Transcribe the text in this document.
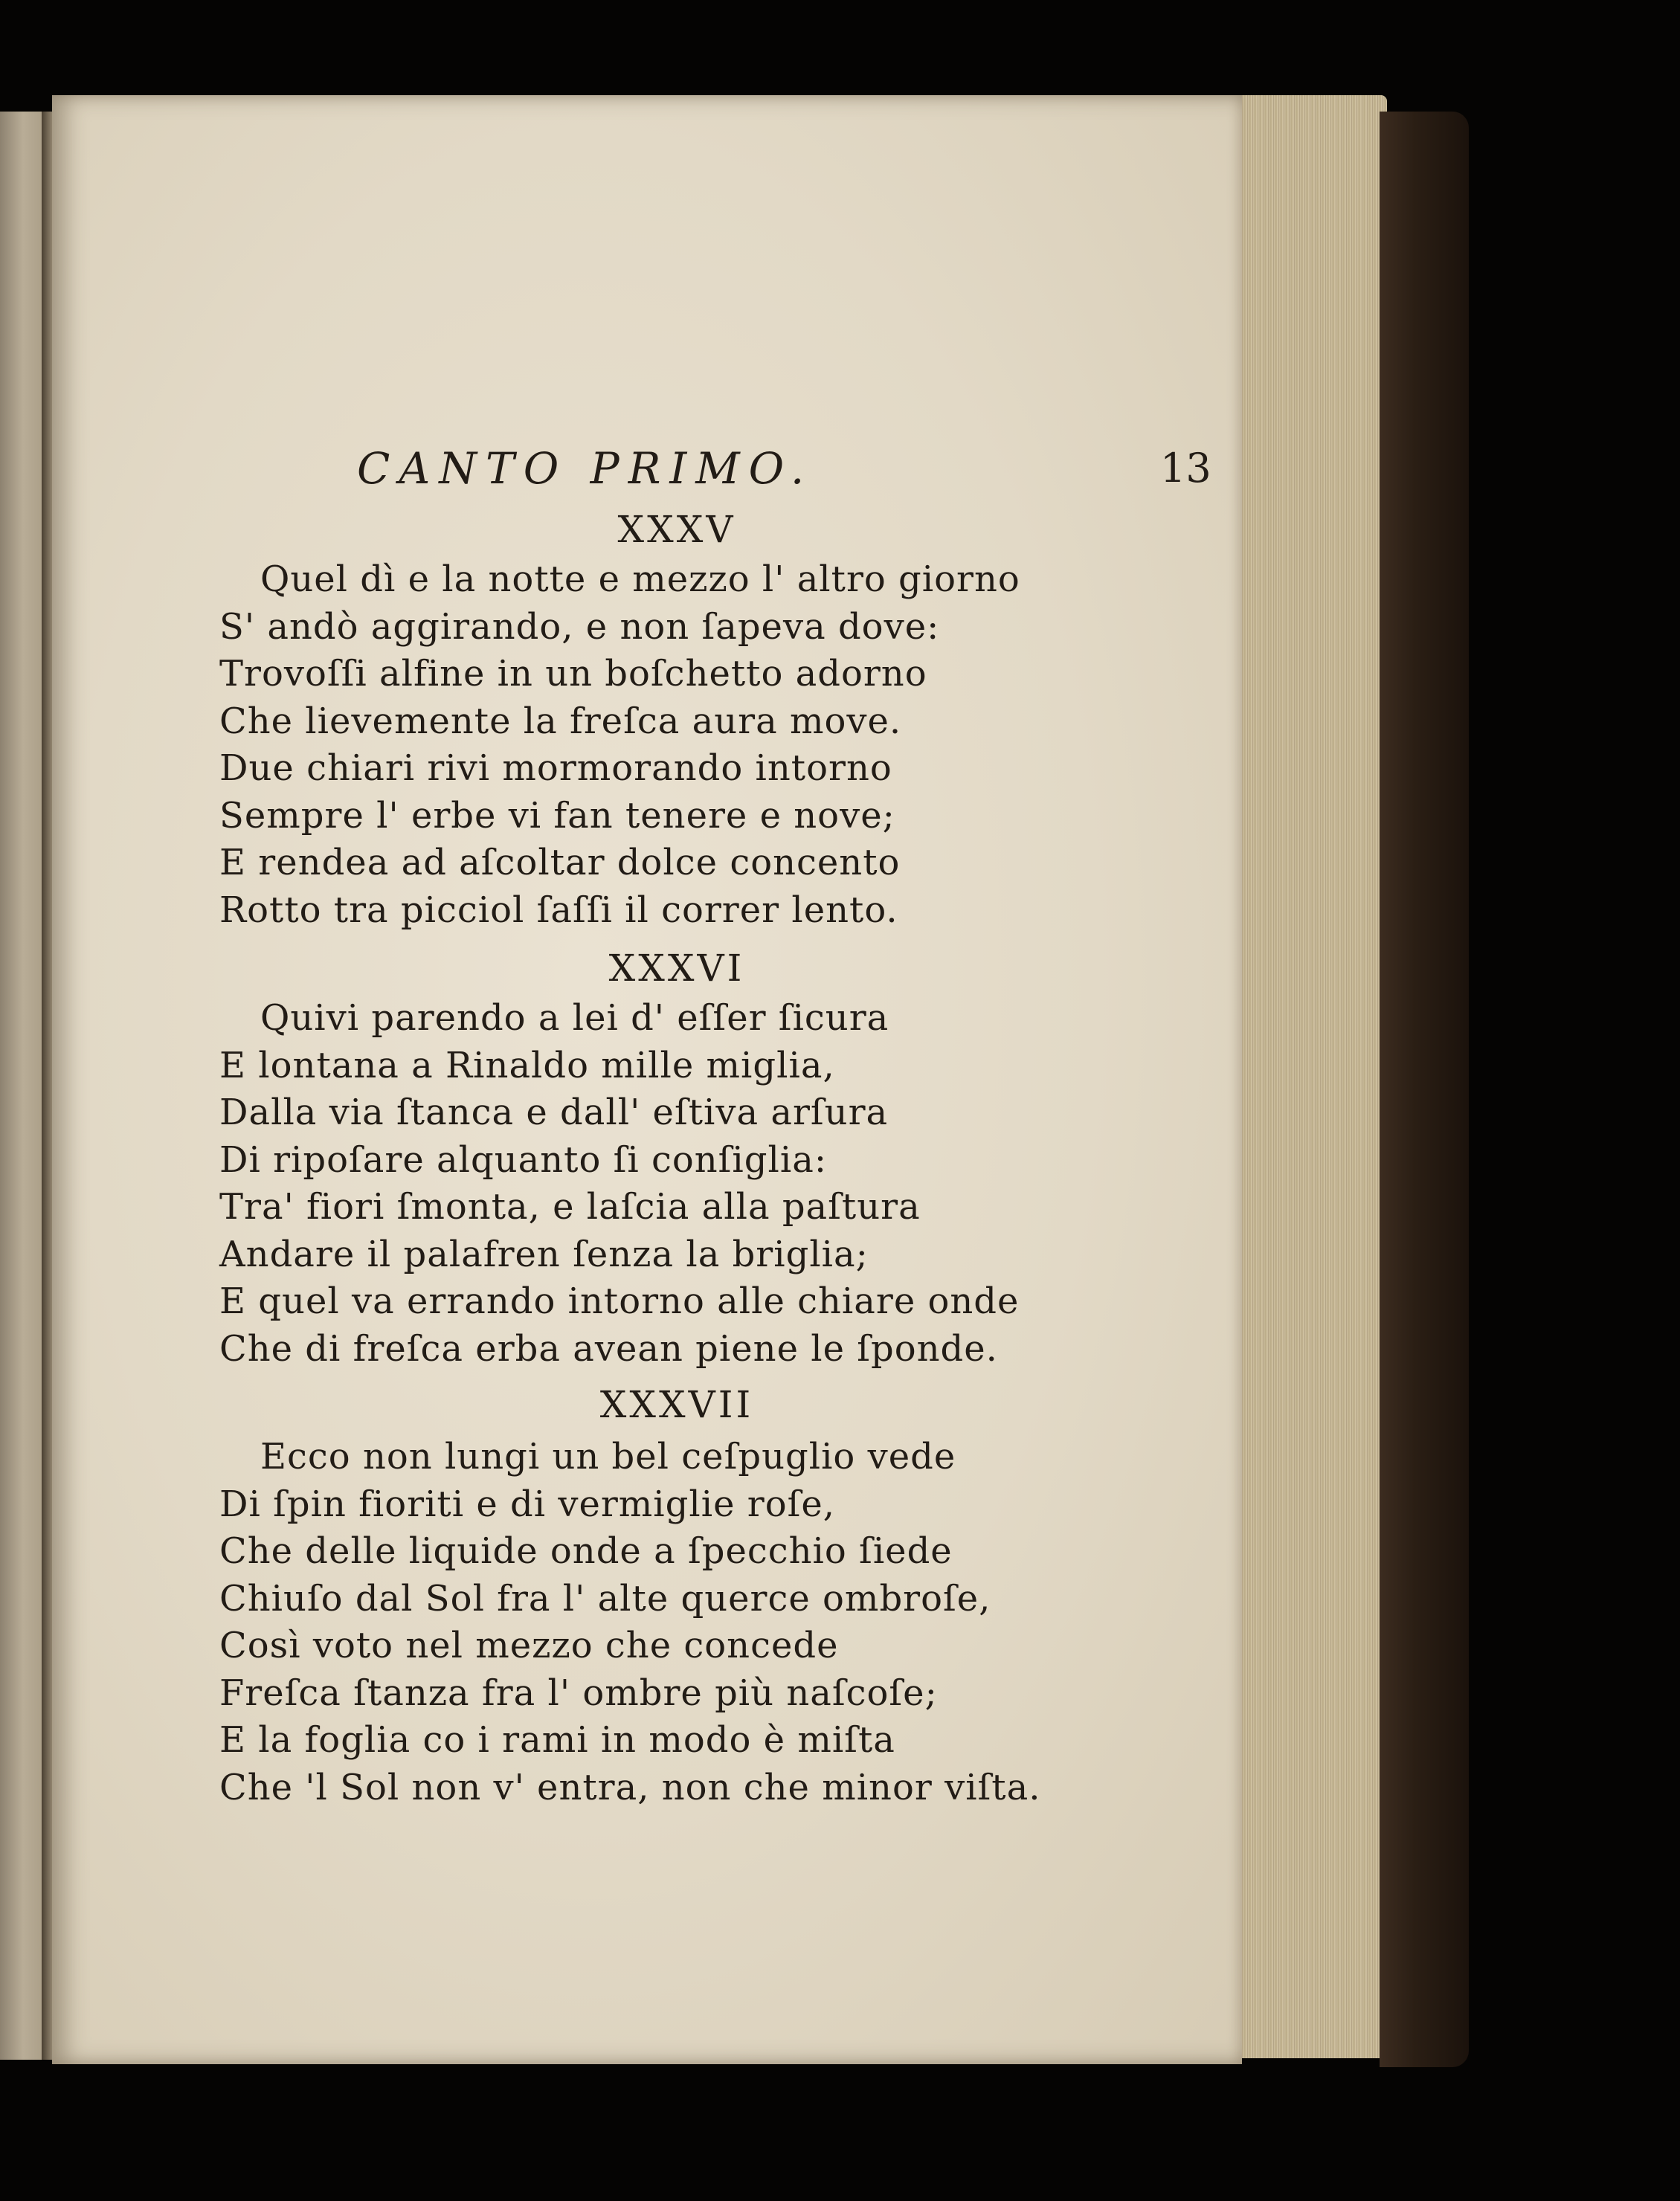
CANTO PRIMO.	13
XXXV
Quel dì e la notte e mezzo l' altro giorno
S' andò aggirando, e non ſapeva dove:
Trovoſſi alfine in un boſchetto adorno
Che lievemente la freſca aura move.
Due chiari rivi mormorando intorno
Sempre l' erbe vi fan tenere e nove;
E rendea ad aſcoltar dolce concento
Rotto tra picciol ſaſſi il correr lento.
XXXVI
Quivi parendo a lei d' eſſer ſicura
E lontana a Rinaldo mille miglia,
Dalla via ſtanca e dall' eſtiva arſura
Di ripoſare alquanto ſi conſiglia:
Tra' fiori ſmonta, e laſcia alla paſtura
Andare il palafren ſenza la briglia;
E quel va errando intorno alle chiare onde
Che di freſca erba avean piene le ſponde.
XXXVII
Ecco non lungi un bel ceſpuglio vede
Di ſpin fioriti e di vermiglie roſe,
Che delle liquide onde a ſpecchio ſiede
Chiuſo dal Sol fra l' alte querce ombroſe,
Così voto nel mezzo che concede
Freſca ſtanza fra l' ombre più naſcoſe;
E la foglia co i rami in modo è miſta
Che 'l Sol non v' entra, non che minor viſta.
